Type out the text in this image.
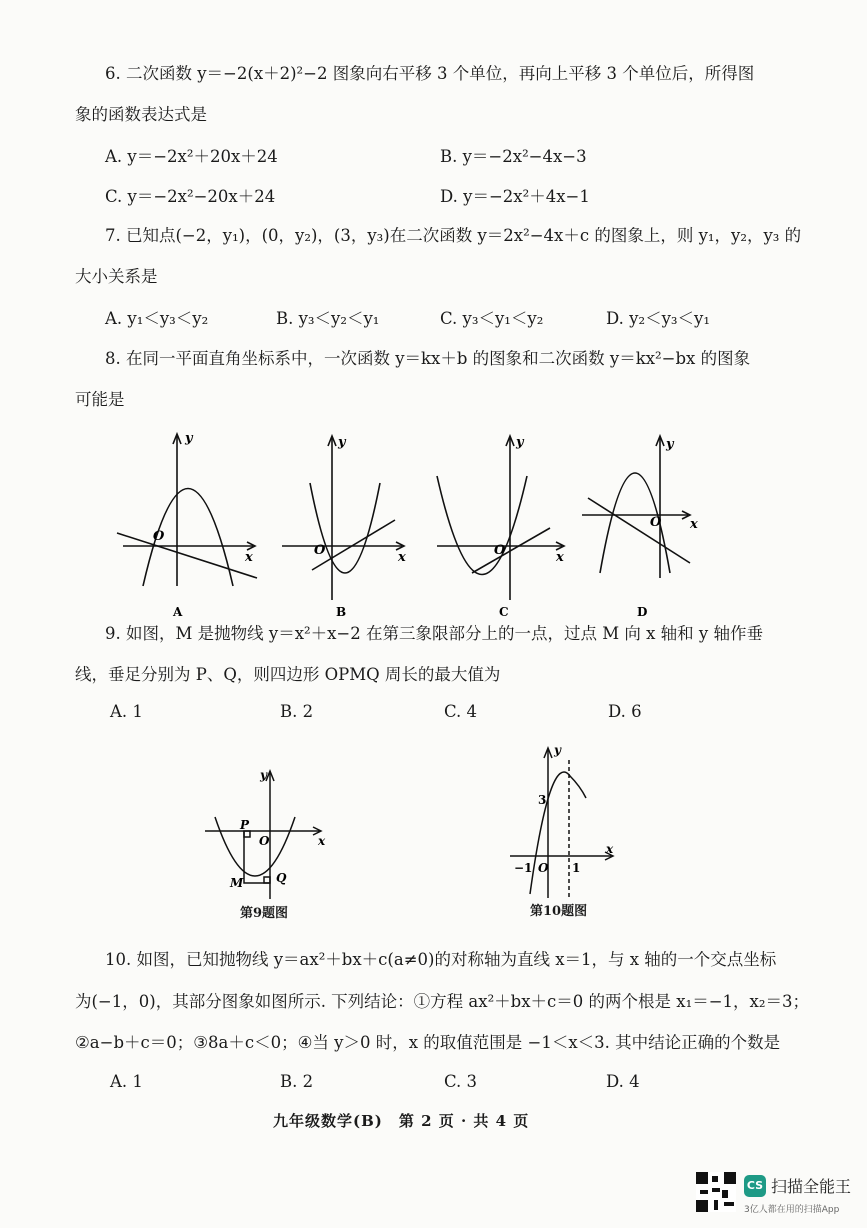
6. 二次函数 y＝−2(x＋2)²−2 图象向右平移 3 个单位，再向上平移 3 个单位后，所得图
象的函数表达式是
A. y＝−2x²＋20x＋24	B. y＝−2x²−4x−3
C. y＝−2x²−20x＋24	D. y＝−2x²＋4x−1
7. 已知点(−2，y₁)，(0，y₂)，(3，y₃)在二次函数 y＝2x²−4x＋c 的图象上，则 y₁，y₂，y₃ 的
大小关系是
A. y₁＜y₃＜y₂	B. y₃＜y₂＜y₁	C. y₃＜y₁＜y₂	D. y₂＜y₃＜y₁
8. 在同一平面直角坐标系中，一次函数 y＝kx＋b 的图象和二次函数 y＝kx²−bx 的图象
可能是
y
x
O
A
y
x
O
B
y
x
O
C
y
x
O
D
9. 如图，M 是抛物线 y＝x²＋x−2 在第三象限部分上的一点，过点 M 向 x 轴和 y 轴作垂
线，垂足分别为 P、Q，则四边形 OPMQ 周长的最大值为
A. 1	B. 2	C. 4	D. 6
y
x
P
O
M	Q
第9题图
y
x
3
−1 O 1
第10题图
10. 如图，已知抛物线 y＝ax²＋bx＋c(a≠0)的对称轴为直线 x＝1，与 x 轴的一个交点坐标
为(−1，0)，其部分图象如图所示. 下列结论：①方程 ax²＋bx＋c＝0 的两个根是 x₁＝−1，x₂＝3；
②a−b＋c＝0；③8a＋c＜0；④当 y＞0 时，x 的取值范围是 −1＜x＜3. 其中结论正确的个数是
A. 1	B. 2	C. 3	D. 4
九年级数学(B)　第 2 页 · 共 4 页
CS 扫描全能王
3亿人都在用的扫描App
